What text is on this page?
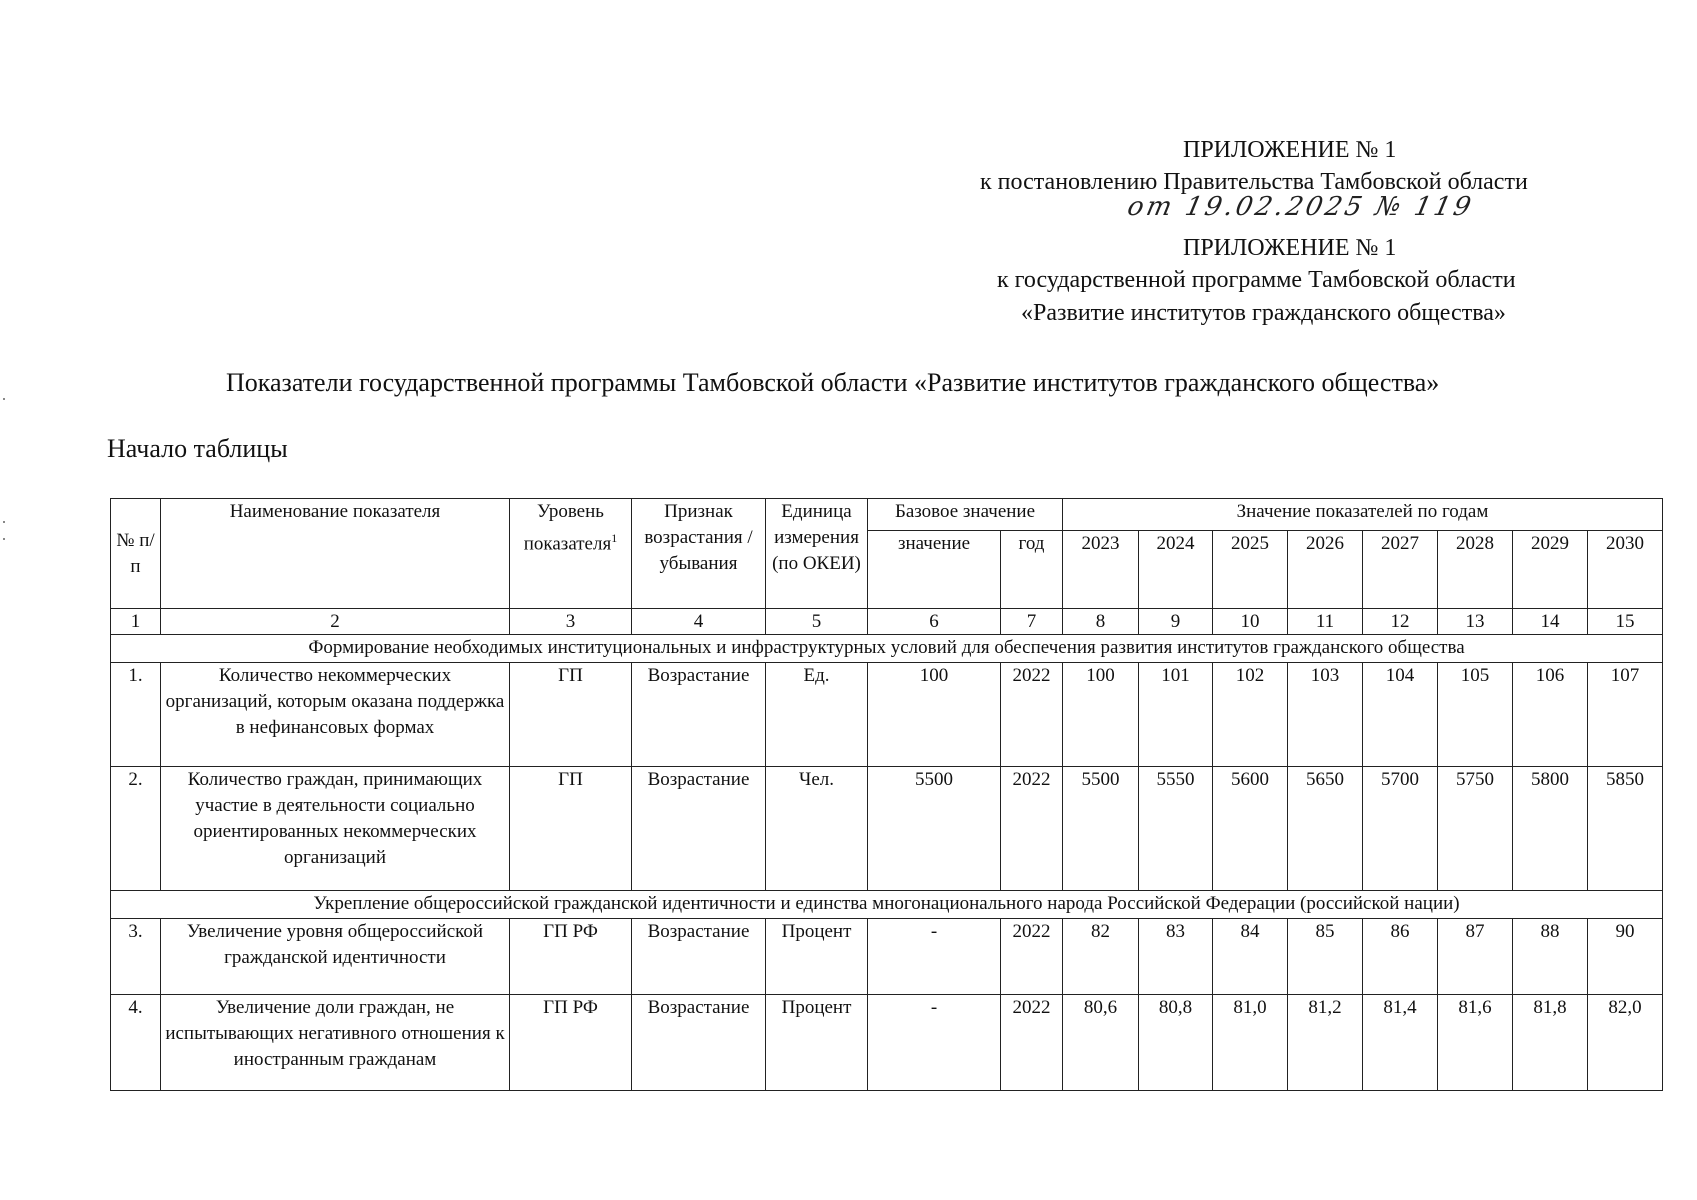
ПРИЛОЖЕНИЕ № 1
к постановлению Правительства Тамбовской области
от 19.02.2025 № 119
ПРИЛОЖЕНИЕ № 1
к государственной программе Тамбовской области
«Развитие институтов гражданского общества»
Показатели государственной программы Тамбовской области «Развитие институтов гражданского общества»
Начало таблицы
№ п/п	Наименование показателя	Уровень показателя$^1$	Признак возрастания / убывания	Единица измерения (по ОКЕИ)	Базовое значение		Значение показателей по годам							
					значение	год	2023	2024	2025	2026	2027	2028	2029	2030
1	2	3	4	5	6	7	8	9	10	11	12	13	14	15
Формирование необходимых институциональных и инфраструктурных условий для обеспечения развития институтов гражданского общества														
1.	Количество некоммерческих организаций, которым оказана поддержка в нефинансовых формах	ГП	Возрастание	Ед.	100	2022	100	101	102	103	104	105	106	107
2.	Количество граждан, принимающих участие в деятельности социально ориентированных некоммерческих организаций	ГП	Возрастание	Чел.	5500	2022	5500	5550	5600	5650	5700	5750	5800	5850
Укрепление общероссийской гражданской идентичности и единства многонационального народа Российской Федерации (российской нации)														
3.	Увеличение уровня общероссийской гражданской идентичности	ГП РФ	Возрастание	Процент	-	2022	82	83	84	85	86	87	88	90
4.	Увеличение доли граждан, не испытывающих негативного отношения к иностранным гражданам	ГП РФ	Возрастание	Процент	-	2022	80,6	80,8	81,0	81,2	81,4	81,6	81,8	82,0
